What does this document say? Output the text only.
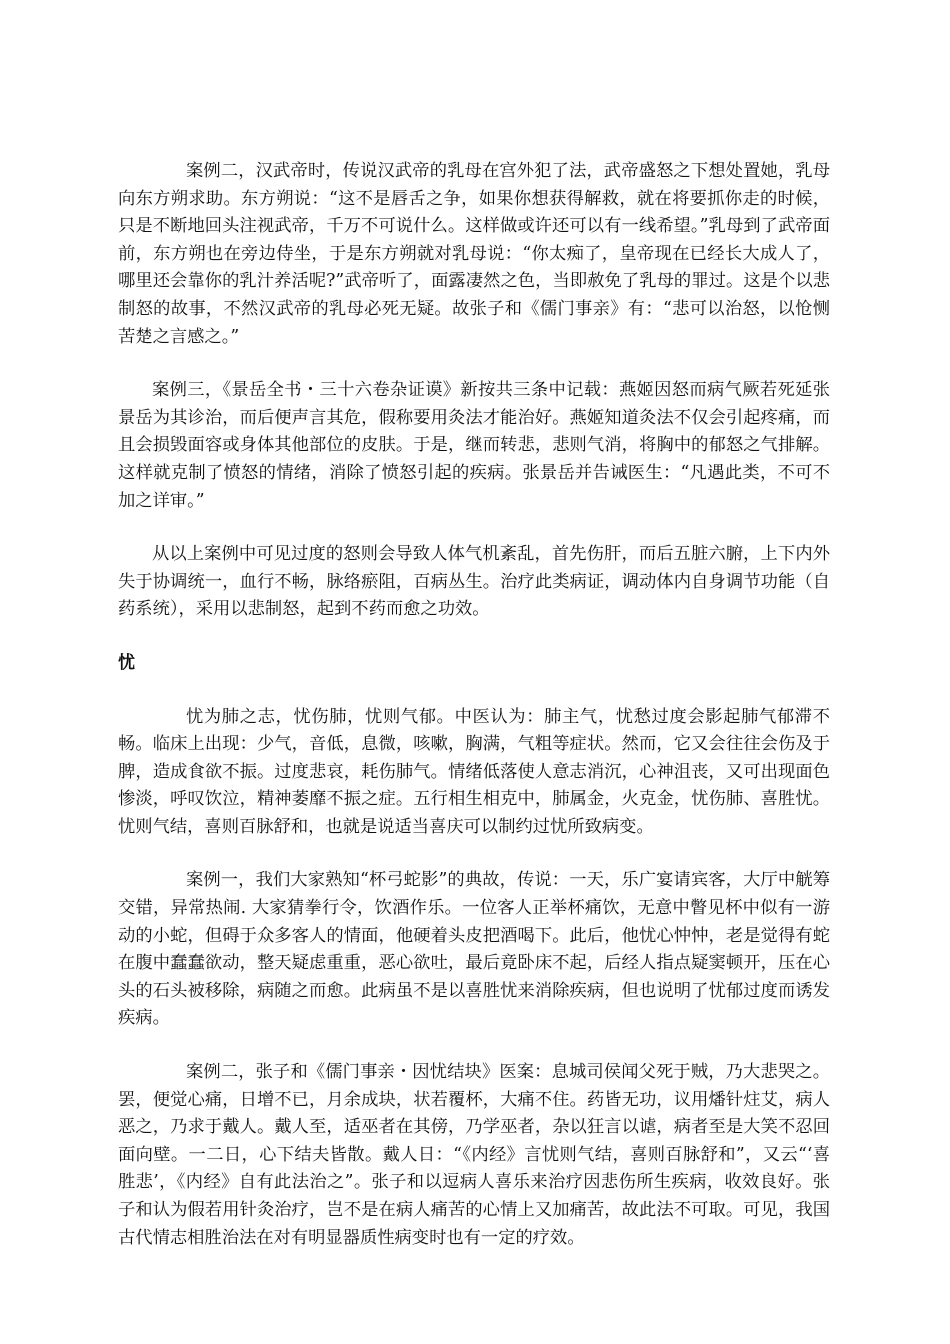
案例二，汉武帝时，传说汉武帝的乳母在宫外犯了法，武帝盛怒之下想处置她，乳母向东方朔求助。东方朔说：“这不是唇舌之争，如果你想获得解救，就在将要抓你走的时候，只是不断地回头注视武帝，千万不可说什么。这样做或许还可以有一线希望。”乳母到了武帝面前，东方朔也在旁边侍坐，于是东方朔就对乳母说：“你太痴了，皇帝现在已经长大成人了，哪里还会靠你的乳汁养活呢?”武帝听了，面露凄然之色，当即赦免了乳母的罪过。这是个以悲制怒的故事，不然汉武帝的乳母必死无疑。故张子和《儒门事亲》有：“悲可以治怒，以怆恻苦楚之言感之。”

案例三，《景岳全书・三十六卷杂证谟》新按共三条中记载：燕姬因怒而病气厥若死延张景岳为其诊治，而后便声言其危，假称要用灸法才能治好。燕姬知道灸法不仅会引起疼痛，而且会损毁面容或身体其他部位的皮肤。于是，继而转悲，悲则气消，将胸中的郁怒之气排解。这样就克制了愤怒的情绪，消除了愤怒引起的疾病。张景岳并告诫医生：“凡遇此类，不可不加之详审。”

从以上案例中可见过度的怒则会导致人体气机紊乱，首先伤肝，而后五脏六腑，上下内外失于协调统一，血行不畅，脉络瘀阻，百病丛生。治疗此类病证，调动体内自身调节功能（自药系统），采用以悲制怒，起到不药而愈之功效。

忧

忧为肺之志，忧伤肺，忧则气郁。中医认为：肺主气，忧愁过度会影起肺气郁滞不畅。临床上出现：少气，音低，息微，咳嗽，胸满，气粗等症状。然而，它又会往往会伤及于脾，造成食欲不振。过度悲哀，耗伤肺气。情绪低落使人意志消沉，心神沮丧，又可出现面色惨淡，呼叹饮泣，精神萎靡不振之症。五行相生相克中，肺属金，火克金，忧伤肺、喜胜忧。忧则气结，喜则百脉舒和，也就是说适当喜庆可以制约过忧所致病变。

案例一，我们大家熟知“杯弓蛇影”的典故，传说：一天，乐广宴请宾客，大厅中觥筹交错，异常热闹. 大家猜拳行令，饮酒作乐。一位客人正举杯痛饮，无意中瞥见杯中似有一游动的小蛇，但碍于众多客人的情面，他硬着头皮把酒喝下。此后，他忧心忡忡，老是觉得有蛇在腹中蠢蠢欲动，整天疑虑重重，恶心欲吐，最后竟卧床不起，后经人指点疑窦顿开，压在心头的石头被移除，病随之而愈。此病虽不是以喜胜忧来消除疾病，但也说明了忧郁过度而诱发疾病。

案例二，张子和《儒门事亲・因忧结块》医案：息城司侯闻父死于贼，乃大悲哭之。罢，便觉心痛，日增不已，月余成块，状若覆杯，大痛不住。药皆无功，议用燔针炷艾，病人恶之，乃求于戴人。戴人至，适巫者在其傍，乃学巫者，杂以狂言以谑，病者至是大笑不忍回面向壁。一二日，心下结夫皆散。戴人日：“《内经》言忧则气结，喜则百脉舒和”，又云“‘喜胜悲’，《内经》自有此法治之”。张子和以逗病人喜乐来治疗因悲伤所生疾病，收效良好。张子和认为假若用针灸治疗，岂不是在病人痛苦的心情上又加痛苦，故此法不可取。可见，我国古代情志相胜治法在对有明显器质性病变时也有一定的疗效。
